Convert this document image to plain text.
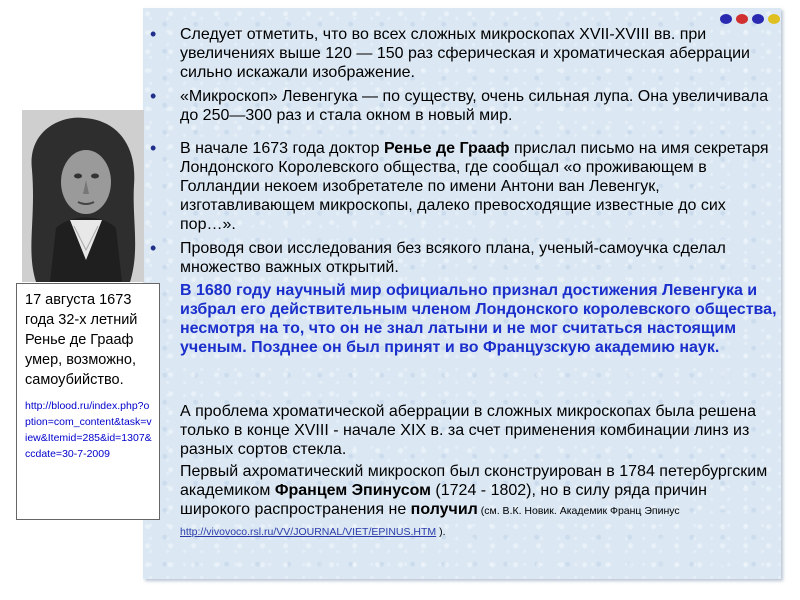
17 августа 1673 года 32-х летний Ренье де Грааф умер, возможно, самоубийство.
http://blood.ru/index.php?option=com_content&task=view&Itemid=285&id=1307&ccdate=30-7-2009
• Следует отметить, что во всех сложных микроскопах XVII-XVIII вв. при увеличениях выше 120 — 150 раз сферическая и хроматическая аберрации сильно искажали изображение.
• «Микроскоп» Левенгука — по существу, очень сильная лупа. Она увеличивала до 250—300 раз и стала окном в новый мир.
• В начале 1673 года доктор Ренье де Грааф прислал письмо на имя секретаря Лондонского Королевского общества, где сообщал «о проживающем в Голландии некоем изобретателе по имени Антони ван Левенгук, изготавливающем микроскопы, далеко превосходящие известные до сих пор…».
• Проводя свои исследования без всякого плана, ученый-самоучка сделал множество важных открытий.
В 1680 году научный мир официально признал достижения Левенгука и избрал его действительным членом Лондонского королевского общества, несмотря на то, что он не знал латыни и не мог считаться настоящим ученым. Позднее он был принят и во Французскую академию наук.
А проблема хроматической аберрации в сложных микроскопах была решена только в конце XVIII - начале XIX в. за счет применения комбинации линз из разных сортов стекла.
Первый ахроматический микроскоп был сконструирован в 1784 петербургским академиком Францем Эпинусом (1724 - 1802), но в силу ряда причин широкого распространения не получил (см. В.К. Новик. Академик Франц Эпинус http://vivovoco.rsl.ru/VV/JOURNAL/VIET/EPINUS.HTM ).
